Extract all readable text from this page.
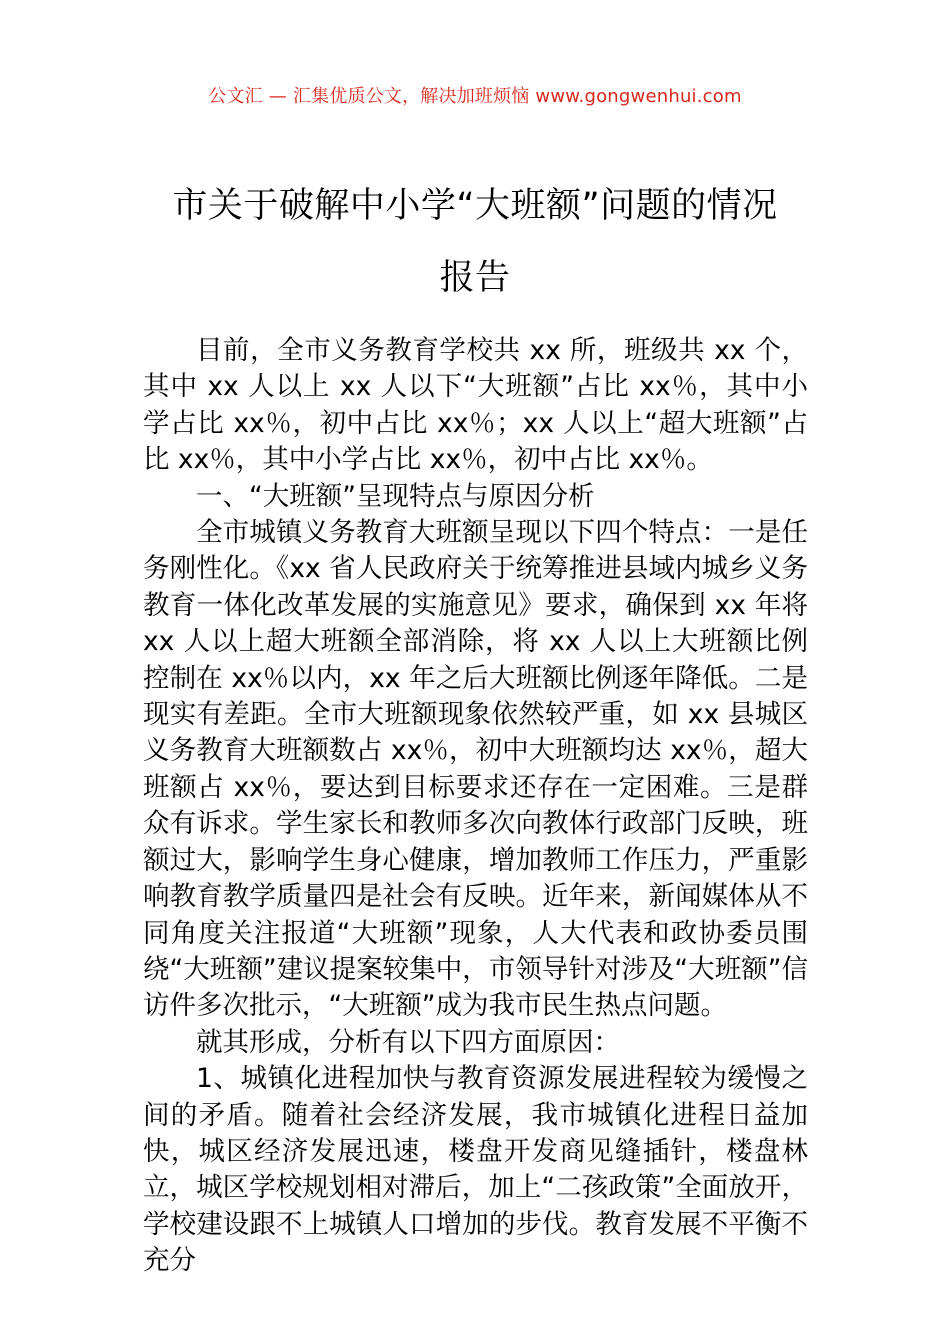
公文汇 — 汇集优质公文，解决加班烦恼 www.gongwenhui.com
市关于破解中小学“大班额”问题的情况
报告

目前，全市义务教育学校共 xx 所，班级共 xx 个，其中 xx 人以上 xx 人以下“大班额”占比 xx％，其中小学占比 xx％，初中占比 xx％；xx 人以上“超大班额”占比 xx％，其中小学占比 xx％，初中占比 xx％。

一、“大班额”呈现特点与原因分析

全市城镇义务教育大班额呈现以下四个特点：一是任务刚性化。《xx 省人民政府关于统筹推进县域内城乡义务教育一体化改革发展的实施意见》要求，确保到 xx 年将 xx 人以上超大班额全部消除，将 xx 人以上大班额比例控制在 xx％以内，xx 年之后大班额比例逐年降低。二是现实有差距。全市大班额现象依然较严重，如 xx 县城区义务教育大班额数占 xx％，初中大班额均达 xx％，超大班额占 xx％，要达到目标要求还存在一定困难。三是群众有诉求。学生家长和教师多次向教体行政部门反映，班额过大，影响学生身心健康，增加教师工作压力，严重影响教育教学质量四是社会有反映。近年来，新闻媒体从不同角度关注报道“大班额”现象，人大代表和政协委员围绕“大班额”建议提案较集中，市领导针对涉及“大班额”信访件多次批示，“大班额”成为我市民生热点问题。

就其形成，分析有以下四方面原因：

1、城镇化进程加快与教育资源发展进程较为缓慢之间的矛盾。随着社会经济发展，我市城镇化进程日益加快，城区经济发展迅速，楼盘开发商见缝插针，楼盘林立，城区学校规划相对滞后，加上“二孩政策”全面放开，学校建设跟不上城镇人口增加的步伐。教育发展不平衡不充分
